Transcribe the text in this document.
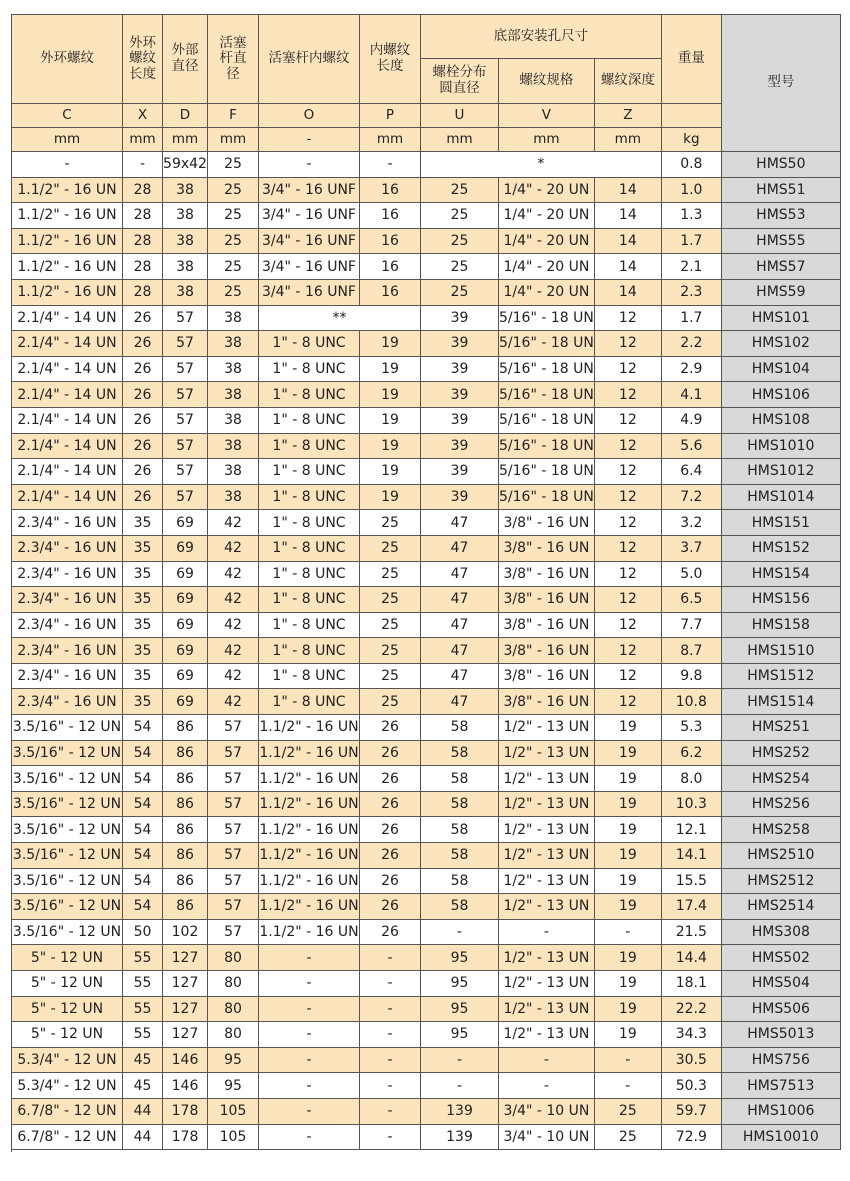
外环螺纹	外环螺纹长度	外部直径	活塞杆直径	活塞杆内螺纹	内螺纹长度	底部安装孔尺寸			重量	型号

						螺栓分布圆直径	螺纹规格	螺纹深度		
C	X	D	F	O	P	U	V	Z		
mm	mm	mm	mm	-	mm	mm	mm	mm	kg	
-	-	59x42	25	-	-	*			0.8	HMS50
1.1/2" - 16 UN	28	38	25	3/4" - 16 UNF	16	25	1/4" - 20 UN	14	1.0	HMS51
1.1/2" - 16 UN	28	38	25	3/4" - 16 UNF	16	25	1/4" - 20 UN	14	1.3	HMS53
1.1/2" - 16 UN	28	38	25	3/4" - 16 UNF	16	25	1/4" - 20 UN	14	1.7	HMS55
1.1/2" - 16 UN	28	38	25	3/4" - 16 UNF	16	25	1/4" - 20 UN	14	2.1	HMS57
1.1/2" - 16 UN	28	38	25	3/4" - 16 UNF	16	25	1/4" - 20 UN	14	2.3	HMS59
2.1/4" - 14 UN	26	57	38	**		39	5/16" - 18 UN	12	1.7	HMS101
2.1/4" - 14 UN	26	57	38	1" - 8 UNC	19	39	5/16" - 18 UN	12	2.2	HMS102
2.1/4" - 14 UN	26	57	38	1" - 8 UNC	19	39	5/16" - 18 UN	12	2.9	HMS104
2.1/4" - 14 UN	26	57	38	1" - 8 UNC	19	39	5/16" - 18 UN	12	4.1	HMS106
2.1/4" - 14 UN	26	57	38	1" - 8 UNC	19	39	5/16" - 18 UN	12	4.9	HMS108
2.1/4" - 14 UN	26	57	38	1" - 8 UNC	19	39	5/16" - 18 UN	12	5.6	HMS1010
2.1/4" - 14 UN	26	57	38	1" - 8 UNC	19	39	5/16" - 18 UN	12	6.4	HMS1012
2.1/4" - 14 UN	26	57	38	1" - 8 UNC	19	39	5/16" - 18 UN	12	7.2	HMS1014
2.3/4" - 16 UN	35	69	42	1" - 8 UNC	25	47	3/8" - 16 UN	12	3.2	HMS151
2.3/4" - 16 UN	35	69	42	1" - 8 UNC	25	47	3/8" - 16 UN	12	3.7	HMS152
2.3/4" - 16 UN	35	69	42	1" - 8 UNC	25	47	3/8" - 16 UN	12	5.0	HMS154
2.3/4" - 16 UN	35	69	42	1" - 8 UNC	25	47	3/8" - 16 UN	12	6.5	HMS156
2.3/4" - 16 UN	35	69	42	1" - 8 UNC	25	47	3/8" - 16 UN	12	7.7	HMS158
2.3/4" - 16 UN	35	69	42	1" - 8 UNC	25	47	3/8" - 16 UN	12	8.7	HMS1510
2.3/4" - 16 UN	35	69	42	1" - 8 UNC	25	47	3/8" - 16 UN	12	9.8	HMS1512
2.3/4" - 16 UN	35	69	42	1" - 8 UNC	25	47	3/8" - 16 UN	12	10.8	HMS1514
3.5/16" - 12 UN	54	86	57	1.1/2" - 16 UN	26	58	1/2" - 13 UN	19	5.3	HMS251
3.5/16" - 12 UN	54	86	57	1.1/2" - 16 UN	26	58	1/2" - 13 UN	19	6.2	HMS252
3.5/16" - 12 UN	54	86	57	1.1/2" - 16 UN	26	58	1/2" - 13 UN	19	8.0	HMS254
3.5/16" - 12 UN	54	86	57	1.1/2" - 16 UN	26	58	1/2" - 13 UN	19	10.3	HMS256
3.5/16" - 12 UN	54	86	57	1.1/2" - 16 UN	26	58	1/2" - 13 UN	19	12.1	HMS258
3.5/16" - 12 UN	54	86	57	1.1/2" - 16 UN	26	58	1/2" - 13 UN	19	14.1	HMS2510
3.5/16" - 12 UN	54	86	57	1.1/2" - 16 UN	26	58	1/2" - 13 UN	19	15.5	HMS2512
3.5/16" - 12 UN	54	86	57	1.1/2" - 16 UN	26	58	1/2" - 13 UN	19	17.4	HMS2514
3.5/16" - 12 UN	50	102	57	1.1/2" - 16 UN	26	-	-	-	21.5	HMS308
5" - 12 UN	55	127	80	-	-	95	1/2" - 13 UN	19	14.4	HMS502
5" - 12 UN	55	127	80	-	-	95	1/2" - 13 UN	19	18.1	HMS504
5" - 12 UN	55	127	80	-	-	95	1/2" - 13 UN	19	22.2	HMS506
5" - 12 UN	55	127	80	-	-	95	1/2" - 13 UN	19	34.3	HMS5013
5.3/4" - 12 UN	45	146	95	-	-	-	-	-	30.5	HMS756
5.3/4" - 12 UN	45	146	95	-	-	-	-	-	50.3	HMS7513
6.7/8" - 12 UN	44	178	105	-	-	139	3/4" - 10 UN	25	59.7	HMS1006
6.7/8" - 12 UN	44	178	105	-	-	139	3/4" - 10 UN	25	72.9	HMS10010
